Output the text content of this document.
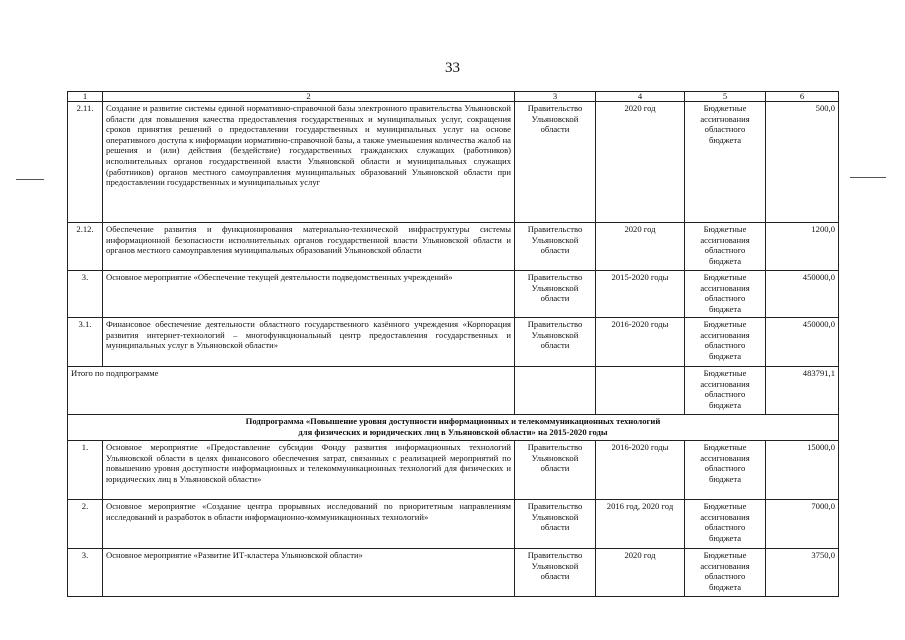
33
1	2	3	4	5	6
2.11.	Создание и развитие системы единой нормативно-справочной базы электронного правительства Ульяновской области для повышения качества предоставления государственных и муниципальных услуг, сокращения сроков принятия решений о предоставлении государственных и муниципальных услуг на основе оперативного доступа к информации нормативно-справочной базы, а также уменьшения количества жалоб на решения и (или) действия (бездействие) государственных гражданских служащих (работников) исполнительных органов государственной власти Ульяновской области и муниципальных служащих (работников) органов местного самоуправления муниципальных образований Ульяновской области при предоставлении государственных и муниципальных услуг	Правительство Ульяновской области	2020 год	Бюджетные ассигнования областного бюджета	500,0
2.12.	Обеспечение развития и функционирования материально-технической инфраструктуры системы информационной безопасности исполнительных органов государственной власти Ульяновской области и органов местного самоуправления муниципальных образований Ульяновской области	Правительство Ульяновской области	2020 год	Бюджетные ассигнования областного бюджета	1200,0
3.	Основное мероприятие «Обеспечение текущей деятельности подведомственных учреждений»	Правительство Ульяновской области	2015-2020 годы	Бюджетные ассигнования областного бюджета	450000,0
3.1.	Финансовое обеспечение деятельности областного государственного казённого учреждения «Корпорация развития интернет-технологий – многофункциональный центр предоставления государственных и муниципальных услуг в Ульяновской области»	Правительство Ульяновской области	2016-2020 годы	Бюджетные ассигнования областного бюджета	450000,0
Итого по подпрограмме				Бюджетные ассигнования областного бюджета	483791,1

Подпрограмма «Повышение уровня доступности информационных и телекоммуникационных технологий
для физических и юридических лиц в Ульяновской области» на 2015-2020 годы					

1.	Основное мероприятие «Предоставление субсидии Фонду развития информационных технологий Ульяновской области в целях финансового обеспечения затрат, связанных с реализацией мероприятий по повышению уровня доступности информационных и телекоммуникационных технологий для физических и юридических лиц в Ульяновской области»	Правительство Ульяновской области	2016-2020 годы	Бюджетные ассигнования областного бюджета	15000,0
2.	Основное мероприятие «Создание центра прорывных исследований по приоритетным направлениям исследований и разработок в области информационно-коммуникационных технологий»	Правительство Ульяновской области	2016 год, 2020 год	Бюджетные ассигнования областного бюджета	7000,0
3.	Основное мероприятие «Развитие ИТ-кластера Ульяновской области»	Правительство Ульяновской области	2020 год	Бюджетные ассигнования областного бюджета	3750,0
